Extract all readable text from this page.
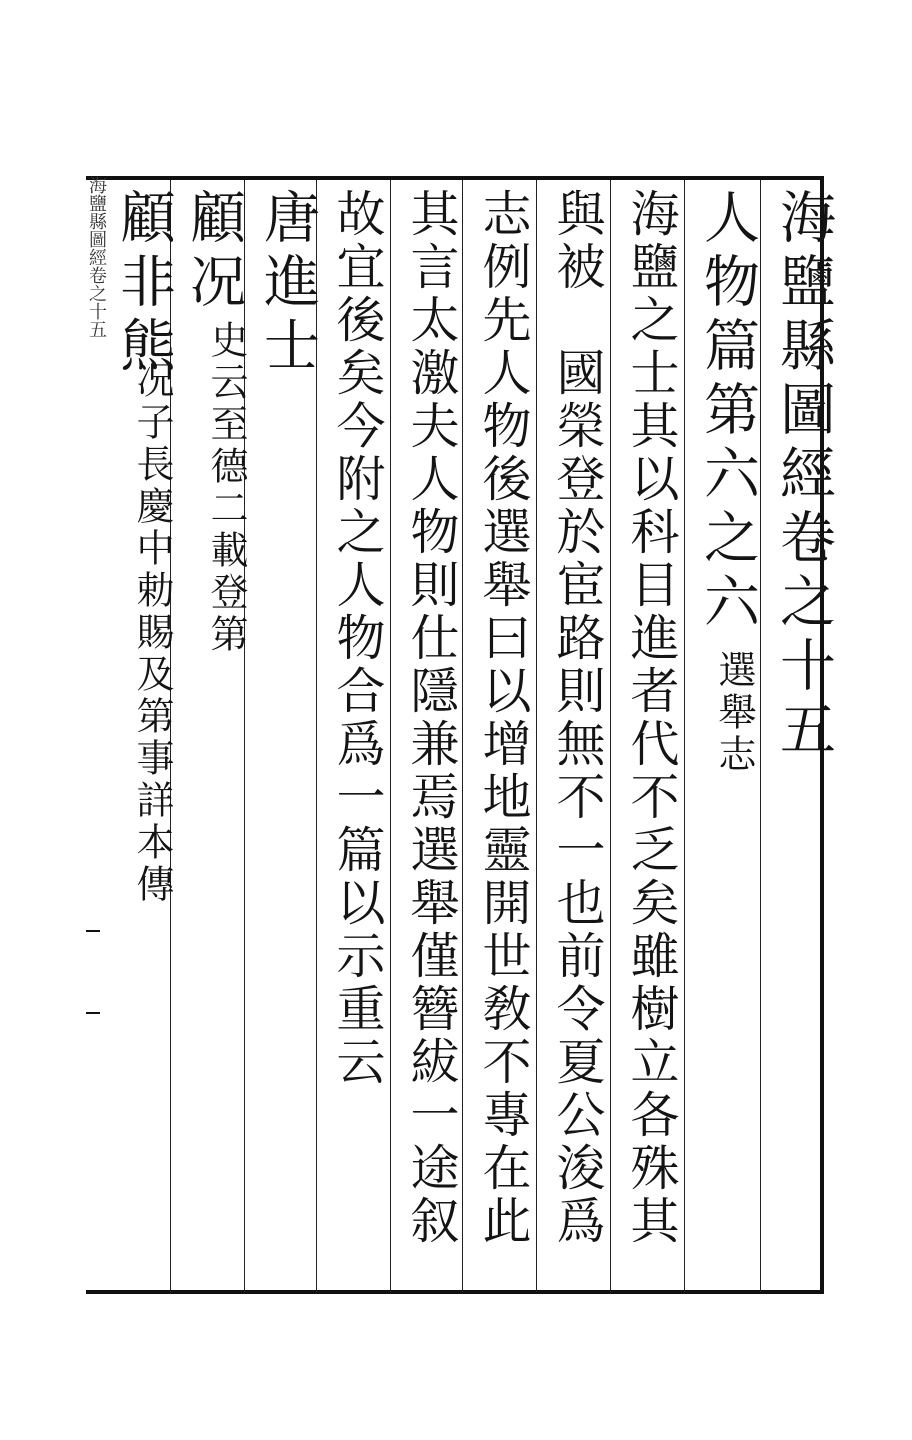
海鹽縣圖經卷之十五	海鹽縣圖經卷之十五
人物篇第六之六
選舉志
海鹽之士其以科目進者代不乏矣雖樹立各殊其
與被　國榮登於宦路則無不一也前令夏公浚爲
志例先人物後選舉曰以增地靈開世敎不專在此
其言太激夫人物則仕隱兼焉選舉僅簪紱一途叙
故宜後矣今附之人物合爲一篇以示重云
唐進士
顧况
史云至德二載登第
顧非熊
况子長慶中勅賜及第事詳本傳
